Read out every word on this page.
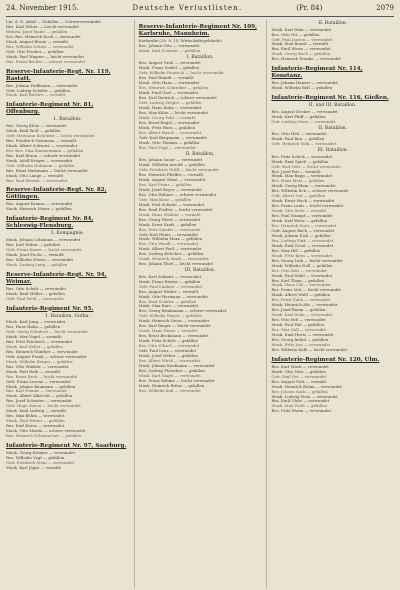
24. November 1915.	Deutsche Verlustlisten.	(Pr. 84)	2079
Ltn. d. R. Adolf — Gefallen — Schwerverwundet
Res. Karl Weber — Leicht verwundet
Wehrm. Josef Maier — gefallen
Ers.-Res. Heinrich Koch — verwundet
Musk. August Braun — vermißt
Res. Wilhelm Schulz — verwundet
Gefr. Otto Fischer — gefallen
Musk. Paul Wagner — leicht verwundet
Res. Franz Becker — schwer verwundet
Reserve-Infanterie-Regt. Nr. 119, Rastatt.
Res. Johann Hoffmann — verwundet
Gefr. Ludwig Schäfer — gefallen
Musk. Karl Richter — vermißt
Infanterie-Regiment Nr. 81, Offenburg.
1. Bataillon.
Res. Georg Klein — verwundet
Musk. Emil Wolf — gefallen
Gefr. Hermann Schröder — leicht verwundet
Res. Friedrich Neumann — vermißt
Musk. Albert Schwarz — verwundet
Ers.-Res. Max Zimmermann — gefallen
Res. Karl Braun — schwer verwundet
Musk. Adolf Krüger — verwundet
Gefr. Wilhelm Hofmann — gefallen
Res. Ernst Hartmann — leicht verwundet
Musk. Otto Lange — vermißt
Res. Paul Werner — verwundet
Reserve-Infanterie-Regt. Nr. 82, Göttingen.
Res. August Krause — verwundet
Musk. Heinrich Meier — gefallen
Infanterie-Regiment Nr. 84, Schleswig-Flensburg.
3. Kompagnie.
Musk. Johann Lehmann — verwundet
Res. Karl Huber — gefallen
Gefr. Franz Kaiser — leicht verwundet
Musk. Josef Fuchs — vermißt
Res. Wilhelm Peters — verwundet
Musk. Ludwig Lang — gefallen
Reserve-Infanterie-Regt. Nr. 94, Weimar.
Res. Otto Scholz — verwundet
Musk. Emil Möller — gefallen
Gefr. Paul Weiß — verwundet
Infanterie-Regiment Nr. 95.
1. Bataillon, Gotha.
Musk. Karl Jung — verwundet
Res. Hans Hahn — gefallen
Gefr. Georg Schubert — leicht verwundet
Musk. Max Vogel — vermißt
Res. Fritz Friedrich — verwundet
Musk. Karl Keller — gefallen
Res. Heinrich Günther — verwundet
Gefr. August Frank — schwer verwundet
Musk. Wilhelm Berger — gefallen
Res. Otto Winkler — verwundet
Musk. Paul Roth — vermißt
Res. Ernst Beck — leicht verwundet
Gefr. Franz Lorenz — verwundet
Musk. Johann Baumann — gefallen
Res. Karl Franke — verwundet
Musk. Albert Albrecht — gefallen
Res. Josef Schuster — verwundet
Gefr. Hugo Simon — leicht verwundet
Musk. Emil Ludwig — vermißt
Res. Max Böhm — verwundet
Musk. Paul Winter — gefallen
Res. Karl Kraus — verwundet
Musk. Otto Martin — schwer verwundet
Res. Heinrich Schumacher — gefallen
Infanterie-Regiment Nr. 97, Saarburg.
Musk. Georg Krämer — verwundet
Res. Wilhelm Vogt — gefallen
Gefr. Friedrich Stein — verwundet
Musk. Karl Jäger — vermißt
Reserve-Infanterie-Regiment Nr. 109, Karlsruhe, Mannheim.
Karlsruhe (28. 9. 15, Wirtschaftsgebäude)
Res. Johann Otto — verwundet
Musk. Karl Sommer — gefallen
I. Bataillon.
Res. August Groß — verwundet
Musk. Franz Seidel — gefallen
Gefr. Wilhelm Heinrich — leicht verwundet
Res. Paul Brandt — vermißt
Musk. Otto Haas — verwundet
Res. Heinrich Schreiber — gefallen
Musk. Emil Graf — verwundet
Res. Karl Dietrich — schwer verwundet
Gefr. Ludwig Ziegler — gefallen
Musk. Hans Kuhn — verwundet
Res. Max Kühn — leicht verwundet
Musk. Georg Pohl — vermißt
Res. Ernst Engel — verwundet
Musk. Fritz Horn — gefallen
Res. Albert Busch — verwundet
Gefr. Karl Bergmann — verwundet
Musk. Otto Thomas — gefallen
Res. Paul Voigt — verwundet
II. Bataillon.
Res. Johann Sauer — verwundet
Musk. Wilhelm Arnold — gefallen
Gefr. Friedrich Wolff — leicht verwundet
Res. Heinrich Pfeiffer — vermißt
Musk. August Ernst — verwundet
Res. Karl Franz — gefallen
Musk. Josef Beyer — verwundet
Res. Otto Hübner — schwer verwundet
Gefr. Max Kunz — gefallen
Musk. Paul Schulte — verwundet
Res. Emil Fiedler — leicht verwundet
Musk. Hans Winkler — vermißt
Res. Georg Ebert — verwundet
Musk. Ernst Kraft — gefallen
Res. Fritz Sander — verwundet
Gefr. Karl Heinz — verwundet
Musk. Wilhelm Marx — gefallen
Res. Otto Wendt — verwundet
Musk. Albert Paul — verwundet
Res. Ludwig Böttcher — gefallen
Musk. Heinrich Stark — verwundet
Res. Johann Thiel — leicht verwundet
III. Bataillon.
Res. Karl Schmitz — verwundet
Musk. Franz Reuter — gefallen
Gefr. Paul Lindner — verwundet
Res. August Walter — vermißt
Musk. Otto Hermann — verwundet
Res. Emil Schulze — gefallen
Musk. Max Kurz — verwundet
Res. Georg Brinkmann — schwer verwundet
Gefr. Wilhelm Mayer — gefallen
Musk. Heinrich Gross — verwundet
Res. Karl Rieger — leicht verwundet
Musk. Hans Hesse — vermißt
Res. Ernst Beckmann — verwundet
Musk. Fritz Scholz — gefallen
Res. Otto Ullrich — verwundet
Gefr. Paul Lenz — verwundet
Musk. Josef Weber — gefallen
Res. Albert Wirth — verwundet
Musk. Johann Kaufmann — verwundet
Res. Ludwig Fleischer — gefallen
Musk. Karl Nagel — verwundet
Res. Franz Böhme — leicht verwundet
Musk. Heinrich Ritter — gefallen
Res. Wilhelm Keil — verwundet
II. Bataillon.
Musk. Karl Hein — verwundet
Res. Otto Ott — gefallen
Gefr. Paul Jansen — verwundet
Musk. Max Brand — vermißt
Res. Emil Wiese — verwundet
Musk. Georg Koch — gefallen
Res. Heinrich Franke — verwundet
Infanterie-Regiment Nr. 114, Konstanz.
Res. Johann Hauser — verwundet
Musk. Wilhelm Boll — gefallen
Infanterie-Regiment Nr. 116, Gießen.
II. und III. Bataillon.
Res. August Decker — verwundet
Musk. Karl Pfaff — gefallen
Gefr. Ludwig Merz — verwundet
II. Bataillon.
Res. Otto Heß — verwundet
Musk. Paul Rau — gefallen
Gefr. Heinrich Volk — verwundet
III. Bataillon.
Res. Fritz Schick — verwundet
Musk. Emil Spieß — gefallen
Gefr. Karl Dörr — leicht verwundet
Res. Josef Ruf — vermißt
Musk. Max Rapp — verwundet
Res. Hans Metz — gefallen
Musk. Georg Blum — verwundet
Res. Wilhelm Eck — schwer verwundet
Gefr. Albert Gut — gefallen
Musk. Ernst Hock — verwundet
Res. Franz Laub — leicht verwundet
Musk. Otto Seitz — vermißt
Res. Paul Stumpf — verwundet
Musk. Karl Wenz — gefallen
Res. Heinrich Zorn — verwundet
Gefr. August Bach — verwundet
Musk. Johann Eich — gefallen
Res. Ludwig Fink — verwundet
Musk. Emil Gerst — verwundet
Res. Max Hill — gefallen
Musk. Fritz Kern — verwundet
Res. Georg Link — leicht verwundet
Musk. Wilhelm Noll — gefallen
Res. Otto Reis — verwundet
Musk. Paul Stahl — verwundet
Res. Karl Thom — gefallen
Musk. Hans Uhl — verwundet
Res. Franz Veit — leicht verwundet
Musk. Albert Wahl — gefallen
Res. Ernst Zahn — verwundet
Musk. Heinrich Abt — verwundet
Res. Josef Baum — gefallen
Musk. Karl Dehn — verwundet
Res. Otto Erb — verwundet
Musk. Paul Faß — gefallen
Res. Max Gall — verwundet
Musk. Emil Hertz — verwundet
Res. Georg Imhof — gefallen
Musk. Fritz Jost — verwundet
Res. Wilhelm Kolb — leicht verwundet
Infanterie-Regiment Nr. 120, Ulm.
Res. Karl Mack — verwundet
Musk. Otto Nies — gefallen
Gefr. Paul Ost — verwundet
Res. August Pick — vermißt
Musk. Heinrich Rehm — verwundet
Res. Johann Sack — gefallen
Musk. Ludwig Tietz — verwundet
Res. Emil Uhde — verwundet
Musk. Max Vieth — gefallen
Res. Fritz Wurm — verwundet
